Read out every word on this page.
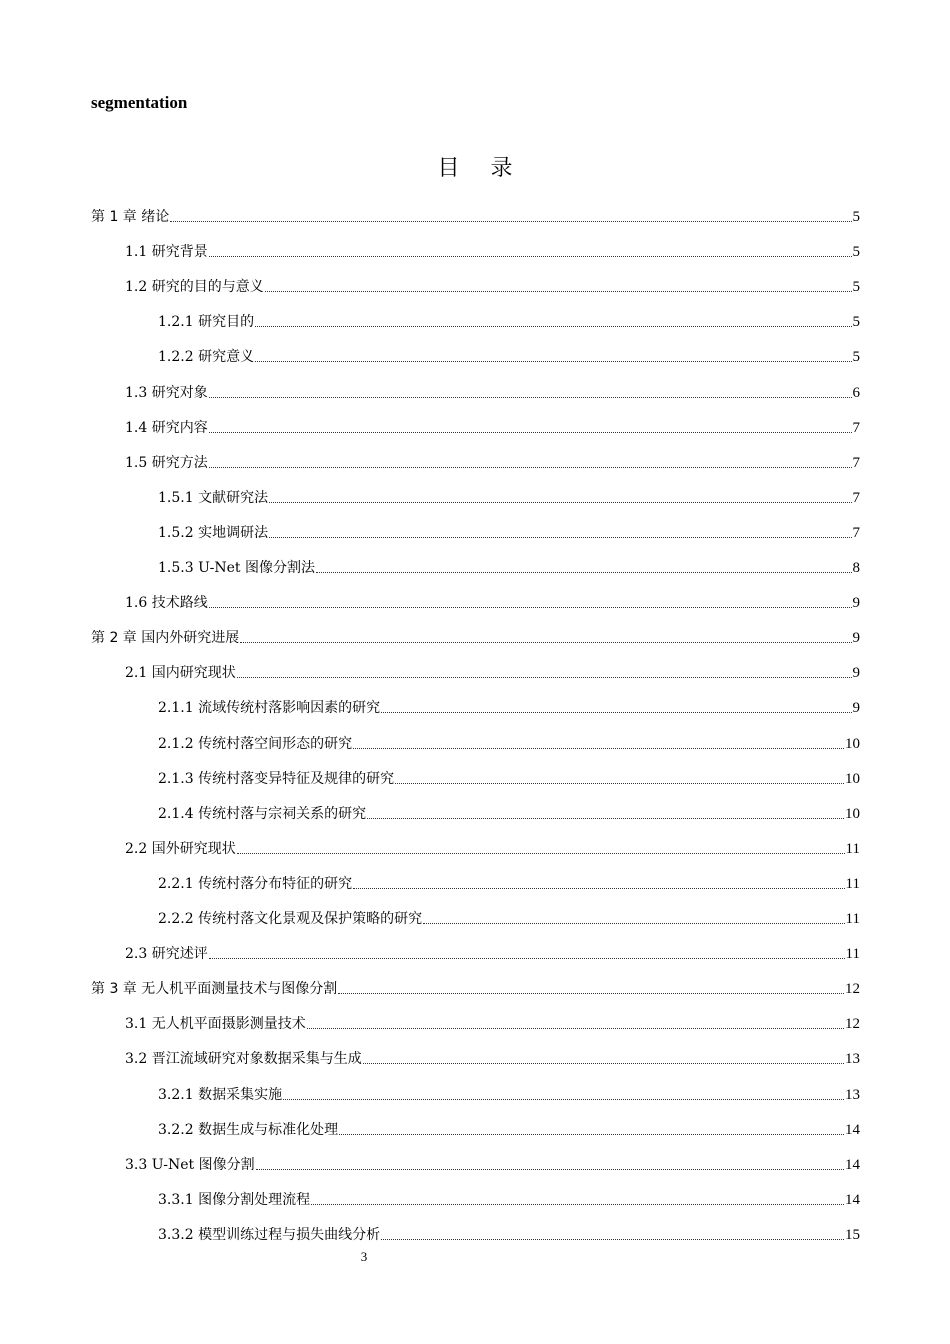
segmentation
目 录
第 1 章 绪论	5
1.1 研究背景	5
1.2 研究的目的与意义	5
1.2.1 研究目的	5
1.2.2 研究意义	5
1.3 研究对象	6
1.4 研究内容	7
1.5 研究方法	7
1.5.1 文献研究法	7
1.5.2 实地调研法	7
1.5.3 U-Net 图像分割法	8
1.6 技术路线	9
第 2 章 国内外研究进展	9
2.1 国内研究现状	9
2.1.1 流域传统村落影响因素的研究	9
2.1.2 传统村落空间形态的研究	10
2.1.3 传统村落变异特征及规律的研究	10
2.1.4 传统村落与宗祠关系的研究	10
2.2 国外研究现状	11
2.2.1 传统村落分布特征的研究	11
2.2.2 传统村落文化景观及保护策略的研究	11
2.3 研究述评	11
第 3 章 无人机平面测量技术与图像分割	12
3.1 无人机平面摄影测量技术	12
3.2 晋江流域研究对象数据采集与生成	13
3.2.1 数据采集实施	13
3.2.2 数据生成与标准化处理	14
3.3 U-Net 图像分割	14
3.3.1 图像分割处理流程	14
3.3.2 模型训练过程与损失曲线分析	15
3
